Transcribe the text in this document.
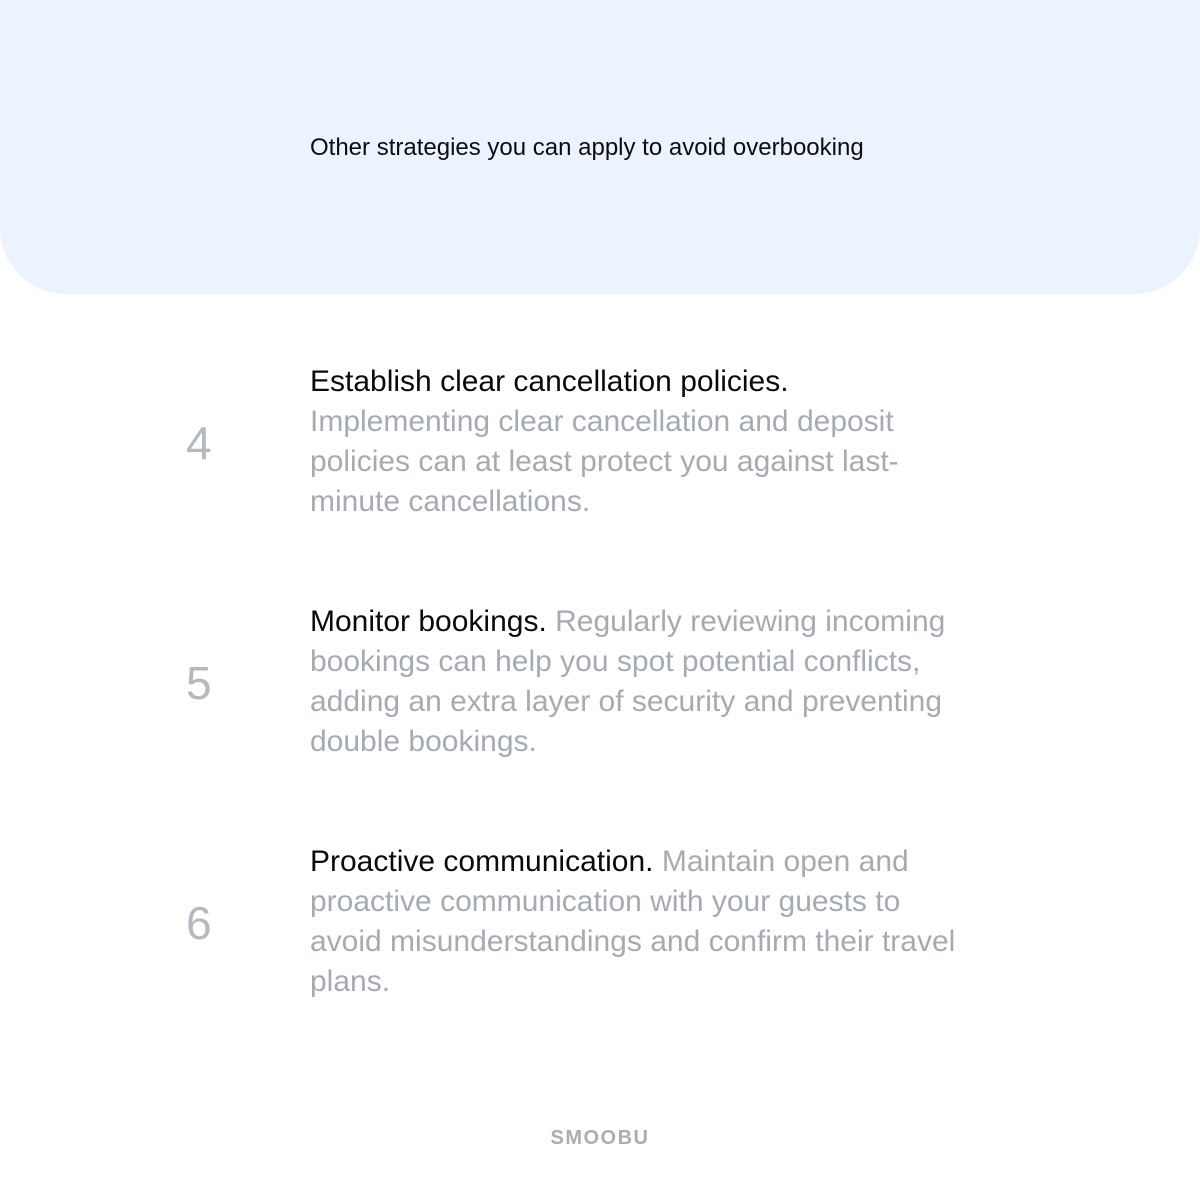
Other strategies you can apply to avoid overbooking
4
Establish clear cancellation policies.
Implementing clear cancellation and deposit policies can at least protect you against last-minute cancellations.
5
Monitor bookings. Regularly reviewing incoming bookings can help you spot potential conflicts, adding an extra layer of security and preventing double bookings.
6
Proactive communication. Maintain open and proactive communication with your guests to avoid misunderstandings and confirm their travel plans.
SMOOBU
